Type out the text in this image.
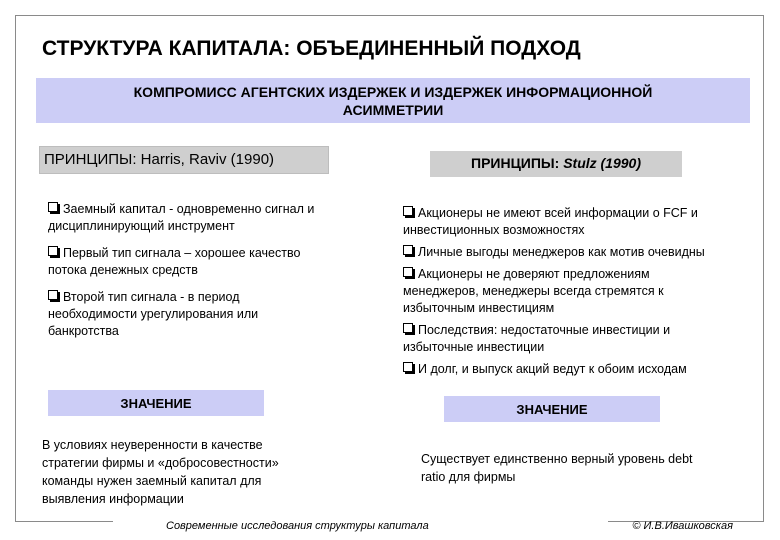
СТРУКТУРА КАПИТАЛА: ОБЪЕДИНЕННЫЙ ПОДХОД
КОМПРОМИСС АГЕНТСКИХ ИЗДЕРЖЕК И ИЗДЕРЖЕК ИНФОРМАЦИОННОЙ
АСИММЕТРИИ
ПРИНЦИПЫ: Harris, Raviv (1990)	ПРИНЦИПЫ: Stulz (1990)
Заемный капитал - одновременно сигнал и
дисциплинирующий инструмент
Первый тип сигнала – хорошее качество
потока денежных средств
Второй тип сигнала - в период
необходимости урегулирования или
банкротства
Акционеры не имеют всей информации о FCF и
инвестиционных возможностях
Личные выгоды менеджеров как мотив очевидны
Акционеры не доверяют предложениям
менеджеров, менеджеры всегда стремятся к
избыточным инвестициям
Последствия: недостаточные инвестиции и
избыточные инвестиции
И долг, и выпуск акций ведут к обоим исходам
ЗНАЧЕНИЕ	ЗНАЧЕНИЕ
В условиях неуверенности в качестве
стратегии фирмы и «добросовестности»
команды нужен заемный капитал для
выявления информации
Существует единственно верный уровень debt
ratio для фирмы
Современные исследования структуры капитала	© И.В.Ивашковская
